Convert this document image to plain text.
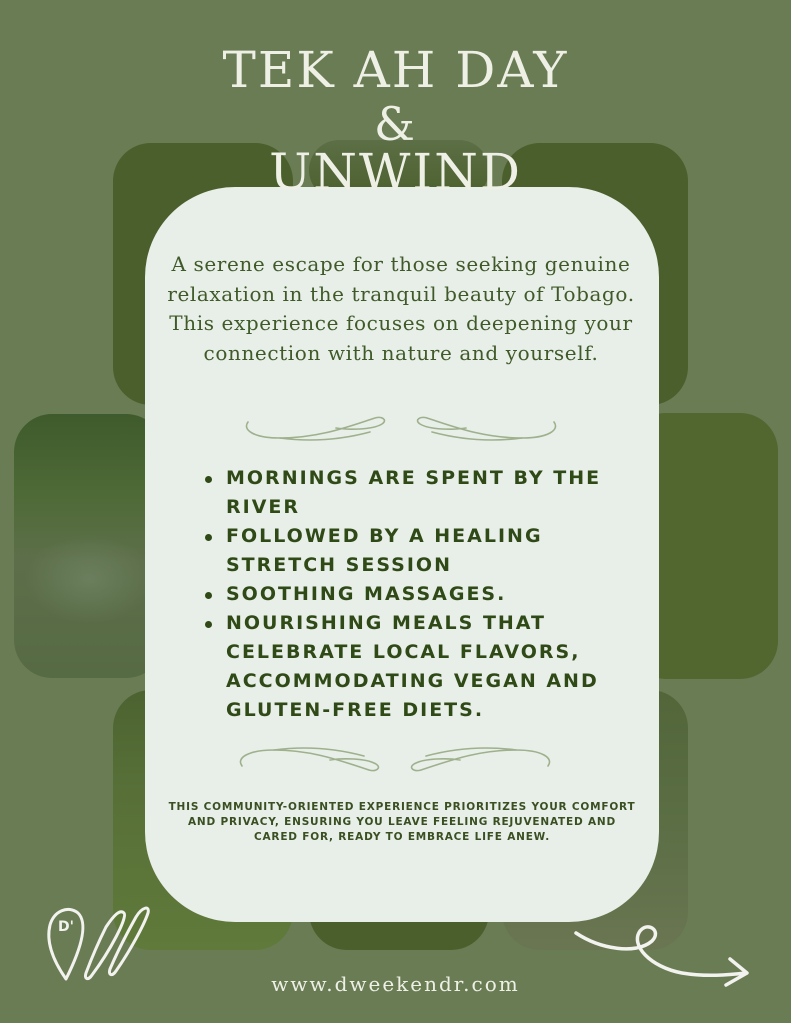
TEK AH DAY
&
UNWIND

A serene escape for those seeking genuine relaxation in the tranquil beauty of Tobago. This experience focuses on deepening your connection with nature and yourself.

MORNINGS ARE SPENT BY THE RIVER
FOLLOWED BY A HEALING STRETCH SESSION
SOOTHING MASSAGES.
NOURISHING MEALS THAT CELEBRATE LOCAL FLAVORS, ACCOMMODATING VEGAN AND GLUTEN-FREE DIETS.

THIS COMMUNITY-ORIENTED EXPERIENCE PRIORITIZES YOUR COMFORT AND PRIVACY, ENSURING YOU LEAVE FEELING REJUVENATED AND CARED FOR, READY TO EMBRACE LIFE ANEW.

D'
www.dweekendr.com
